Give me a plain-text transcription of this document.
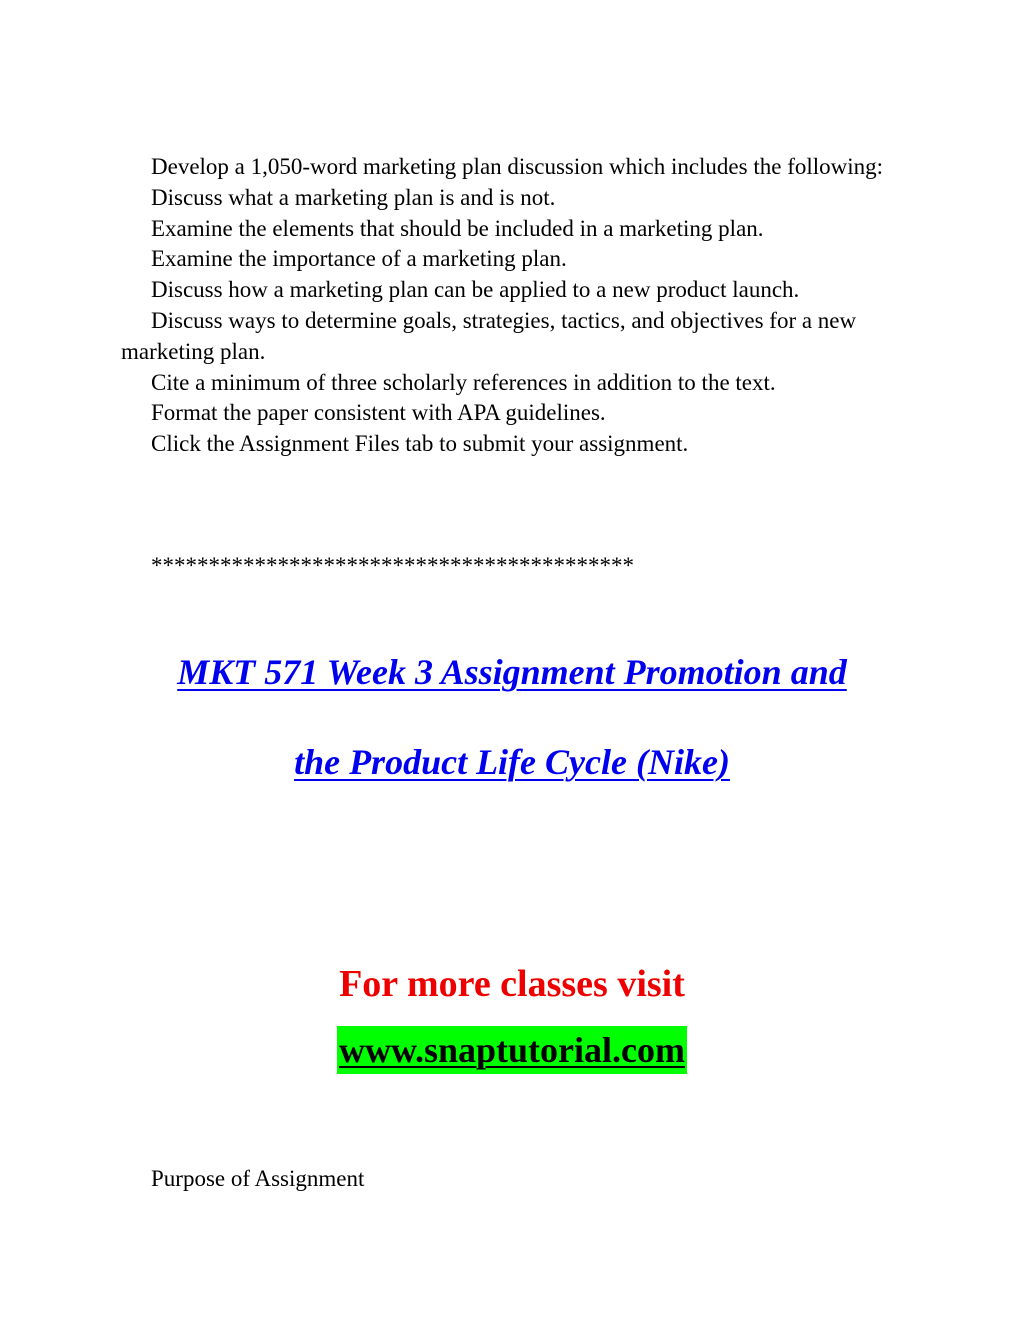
Develop a 1,050-word marketing plan discussion which includes the following:

Discuss what a marketing plan is and is not.

Examine the elements that should be included in a marketing plan.

Examine the importance of a marketing plan.

Discuss how a marketing plan can be applied to a new product launch.

Discuss ways to determine goals, strategies, tactics, and objectives for a new marketing plan.

Cite a minimum of three scholarly references in addition to the text.

Format the paper consistent with APA guidelines.

Click the Assignment Files tab to submit your assignment.

******************************************
MKT 571 Week 3 Assignment Promotion and
the Product Life Cycle (Nike)
For more classes visit
www.snaptutorial.com
Purpose of Assignment
